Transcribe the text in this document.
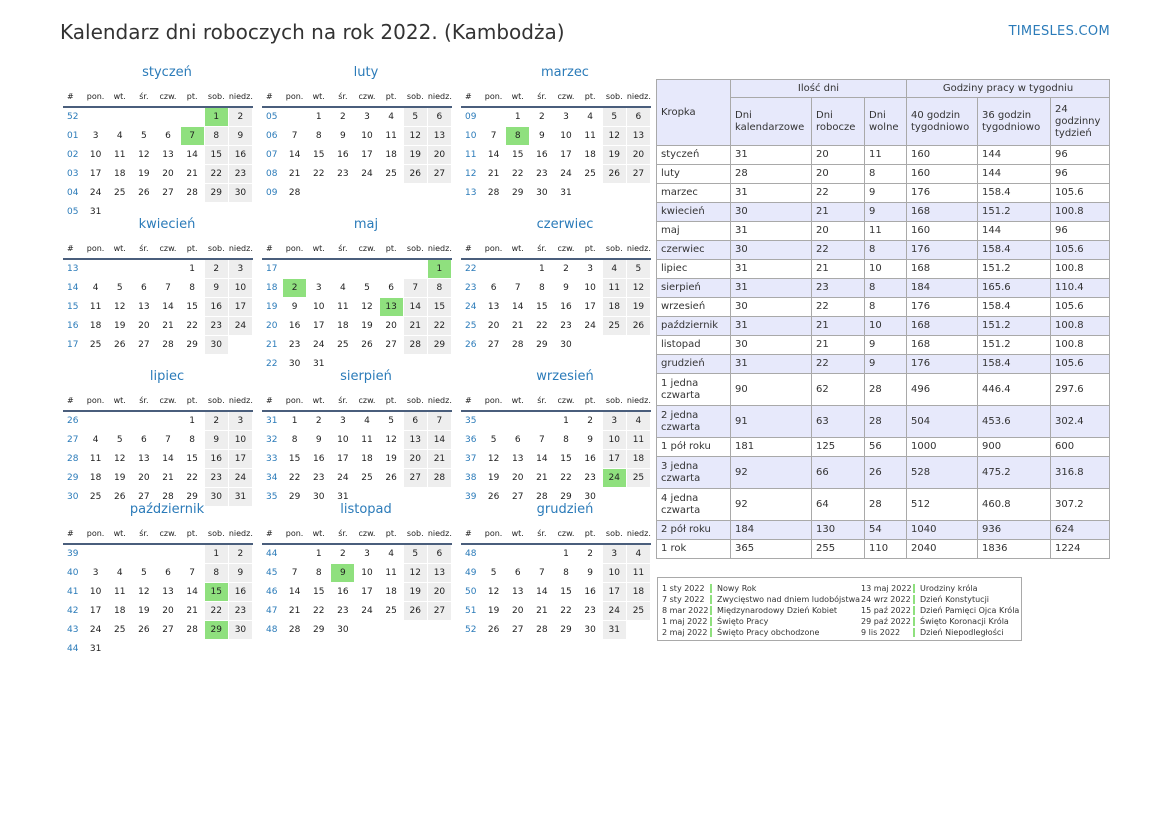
Kalendarz dni roboczych na rok 2022. (Kambodża)	TIMESLES.COM
styczeń
#	pon.	wt.	śr.	czw.	pt.	sob.	niedz.
52						1	2
01	3	4	5	6	7	8	9
02	10	11	12	13	14	15	16
03	17	18	19	20	21	22	23
04	24	25	26	27	28	29	30
05	31						
luty
#	pon.	wt.	śr.	czw.	pt.	sob.	niedz.
05		1	2	3	4	5	6
06	7	8	9	10	11	12	13
07	14	15	16	17	18	19	20
08	21	22	23	24	25	26	27
09	28						
marzec
#	pon.	wt.	śr.	czw.	pt.	sob.	niedz.
09		1	2	3	4	5	6
10	7	8	9	10	11	12	13
11	14	15	16	17	18	19	20
12	21	22	23	24	25	26	27
13	28	29	30	31			
kwiecień
#	pon.	wt.	śr.	czw.	pt.	sob.	niedz.
13					1	2	3
14	4	5	6	7	8	9	10
15	11	12	13	14	15	16	17
16	18	19	20	21	22	23	24
17	25	26	27	28	29	30	
maj
#	pon.	wt.	śr.	czw.	pt.	sob.	niedz.
17							1
18	2	3	4	5	6	7	8
19	9	10	11	12	13	14	15
20	16	17	18	19	20	21	22
21	23	24	25	26	27	28	29
22	30	31					
czerwiec
#	pon.	wt.	śr.	czw.	pt.	sob.	niedz.
22			1	2	3	4	5
23	6	7	8	9	10	11	12
24	13	14	15	16	17	18	19
25	20	21	22	23	24	25	26
26	27	28	29	30			
lipiec
#	pon.	wt.	śr.	czw.	pt.	sob.	niedz.
26					1	2	3
27	4	5	6	7	8	9	10
28	11	12	13	14	15	16	17
29	18	19	20	21	22	23	24
30	25	26	27	28	29	30	31
sierpień
#	pon.	wt.	śr.	czw.	pt.	sob.	niedz.
31	1	2	3	4	5	6	7
32	8	9	10	11	12	13	14
33	15	16	17	18	19	20	21
34	22	23	24	25	26	27	28
35	29	30	31				
wrzesień
#	pon.	wt.	śr.	czw.	pt.	sob.	niedz.
35				1	2	3	4
36	5	6	7	8	9	10	11
37	12	13	14	15	16	17	18
38	19	20	21	22	23	24	25
39	26	27	28	29	30		
październik
#	pon.	wt.	śr.	czw.	pt.	sob.	niedz.
39						1	2
40	3	4	5	6	7	8	9
41	10	11	12	13	14	15	16
42	17	18	19	20	21	22	23
43	24	25	26	27	28	29	30
44	31						
listopad
#	pon.	wt.	śr.	czw.	pt.	sob.	niedz.
44		1	2	3	4	5	6
45	7	8	9	10	11	12	13
46	14	15	16	17	18	19	20
47	21	22	23	24	25	26	27
48	28	29	30				
grudzień
#	pon.	wt.	śr.	czw.	pt.	sob.	niedz.
48				1	2	3	4
49	5	6	7	8	9	10	11
50	12	13	14	15	16	17	18
51	19	20	21	22	23	24	25
52	26	27	28	29	30	31	
Kropka	Ilość dni			Godziny pracy w tygodniu		
	Dni kalendarzowe	Dni robocze	Dni wolne	40 godzin tygodniowo	36 godzin tygodniowo	24 godzinny tydzień
styczeń	31	20	11	160	144	96
luty	28	20	8	160	144	96
marzec	31	22	9	176	158.4	105.6
kwiecień	30	21	9	168	151.2	100.8
maj	31	20	11	160	144	96
czerwiec	30	22	8	176	158.4	105.6
lipiec	31	21	10	168	151.2	100.8
sierpień	31	23	8	184	165.6	110.4
wrzesień	30	22	8	176	158.4	105.6
październik	31	21	10	168	151.2	100.8
listopad	30	21	9	168	151.2	100.8
grudzień	31	22	9	176	158.4	105.6
1 jedna czwarta	90	62	28	496	446.4	297.6
2 jedna czwarta	91	63	28	504	453.6	302.4
1 pół roku	181	125	56	1000	900	600
3 jedna czwarta	92	66	26	528	475.2	316.8
4 jedna czwarta	92	64	28	512	460.8	307.2
2 pół roku	184	130	54	1040	936	624
1 rok	365	255	110	2040	1836	1224
1 sty 2022 Nowy Rok
7 sty 2022 Zwycięstwo nad dniem ludobójstwa
8 mar 2022 Międzynarodowy Dzień Kobiet
1 maj 2022 Święto Pracy
2 maj 2022 Święto Pracy obchodzone
13 maj 2022 Urodziny króla
24 wrz 2022 Dzień Konstytucji
15 paź 2022 Dzień Pamięci Ojca Króla
29 paź 2022 Święto Koronacji Króla
9 lis 2022 Dzień Niepodległości
